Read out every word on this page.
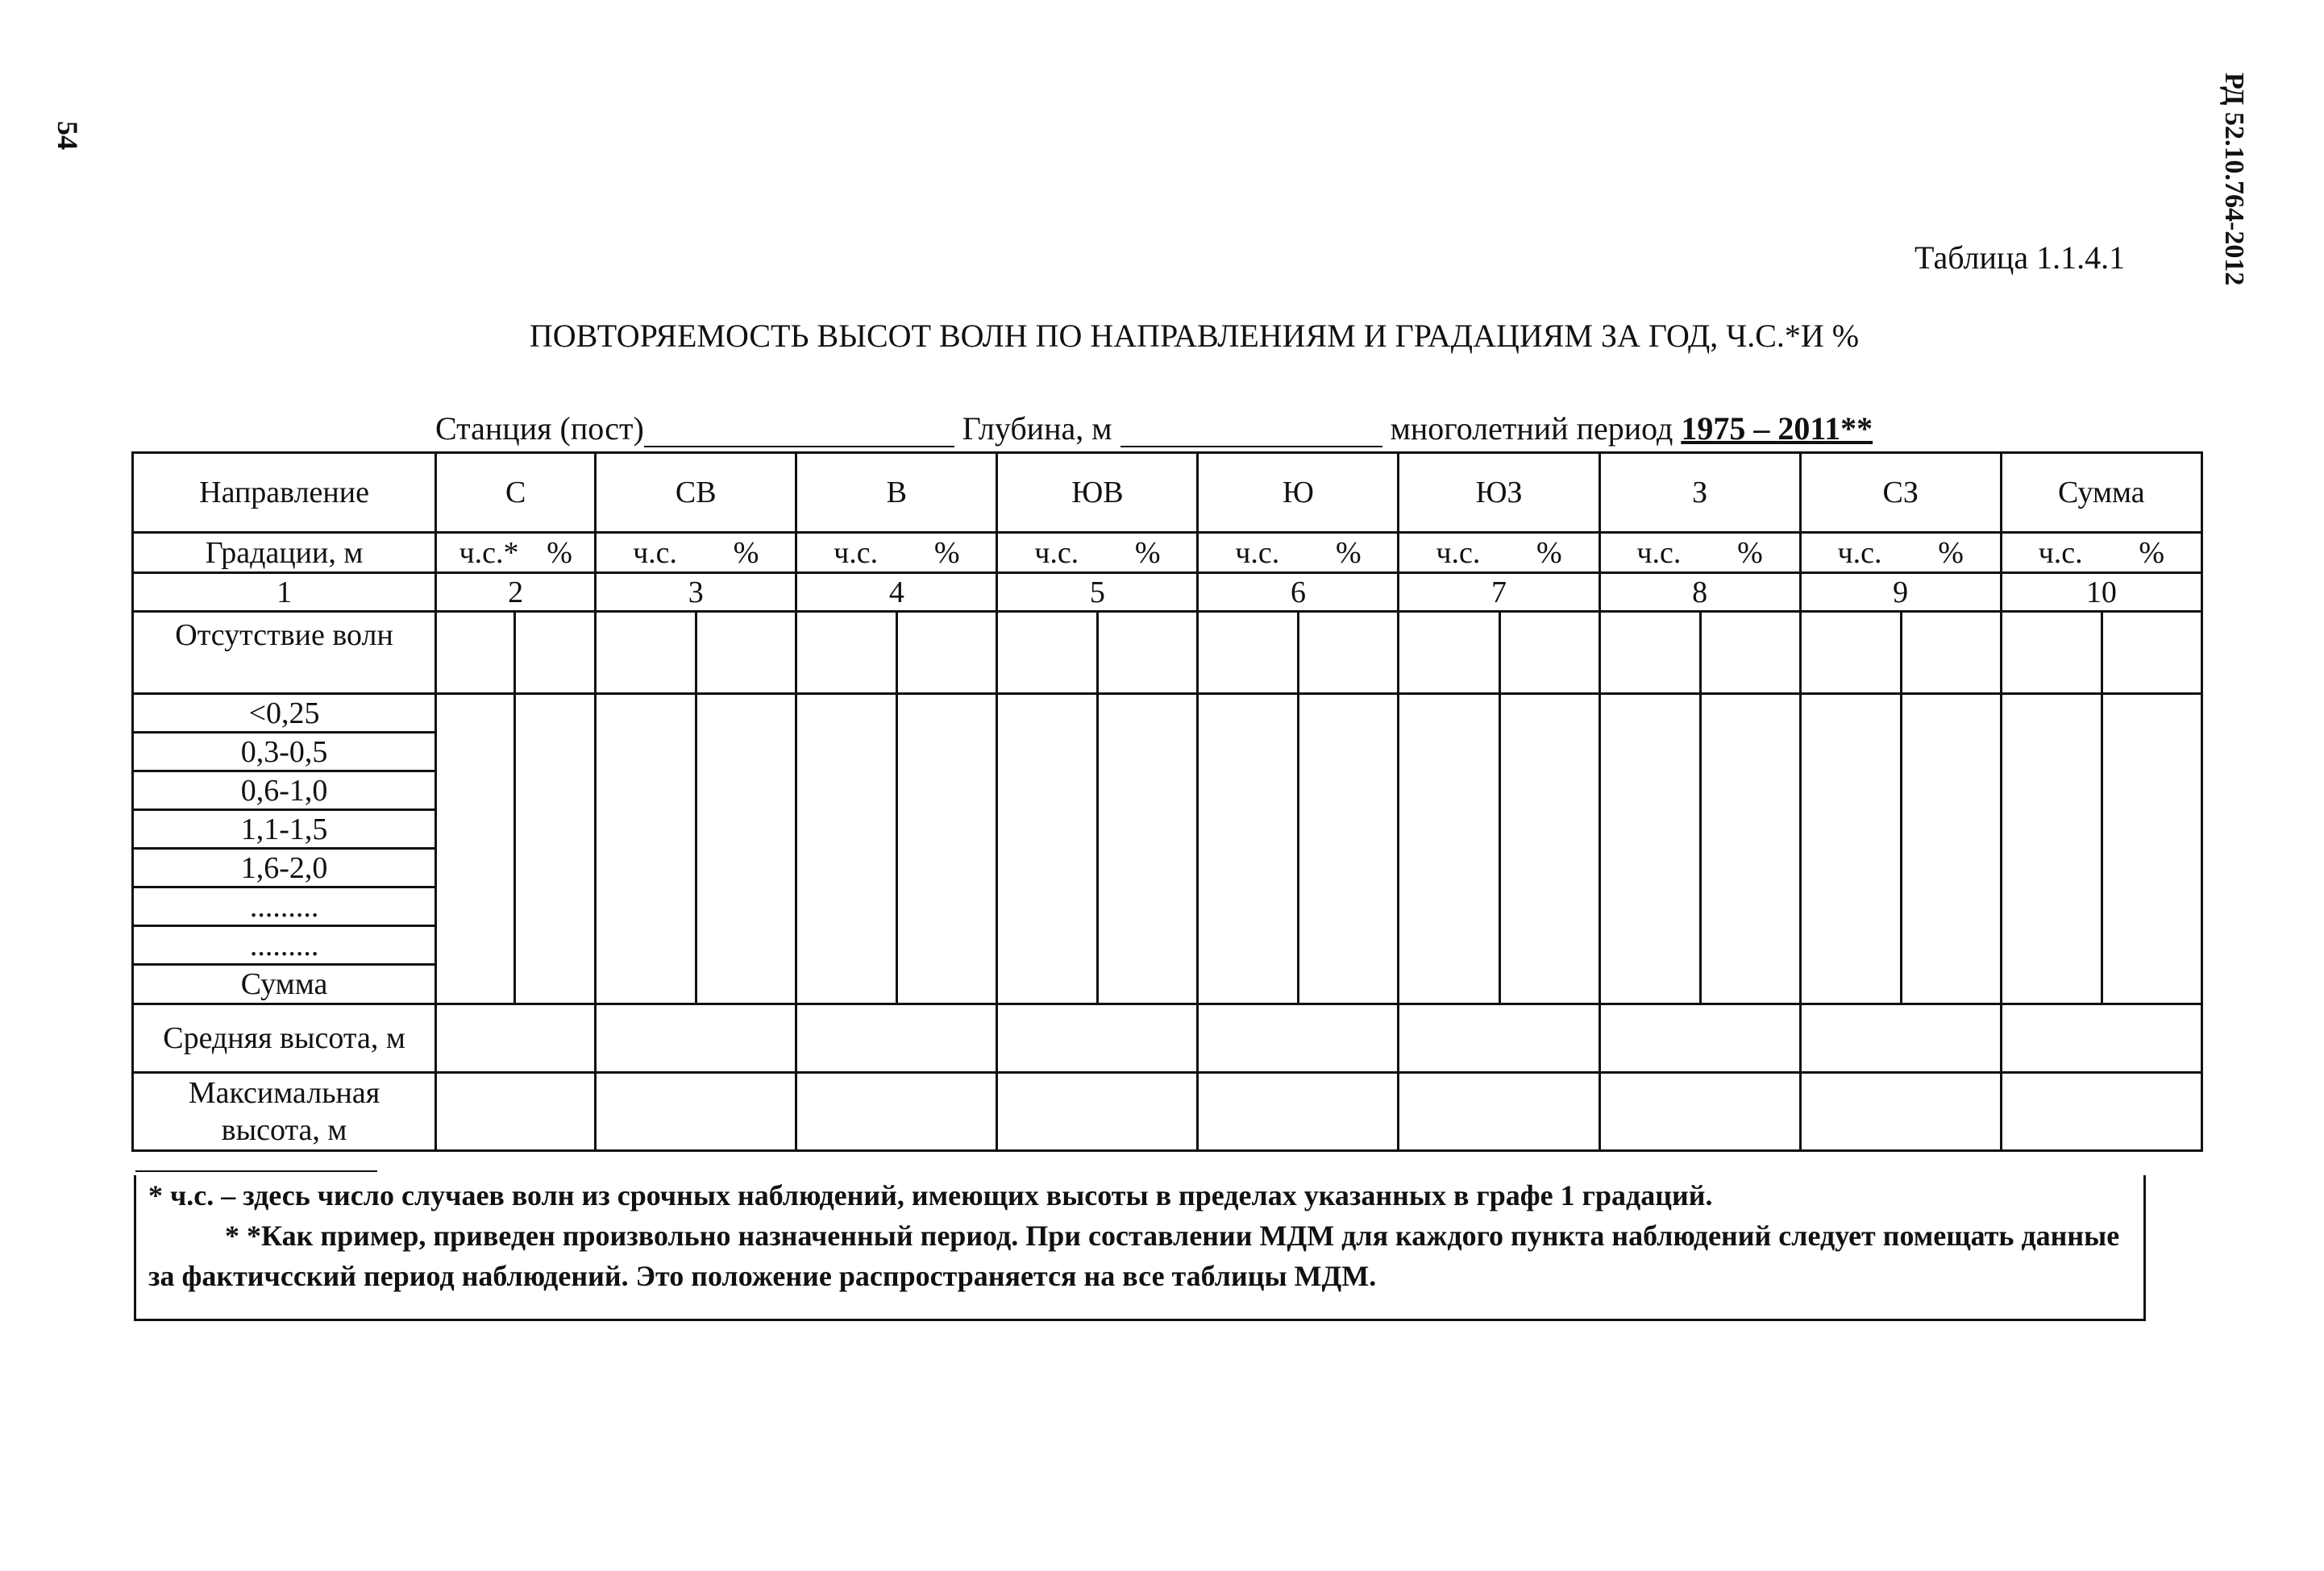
54	РД 52.10.764-2012
Таблица 1.1.4.1
ПОВТОРЯЕМОСТЬ ВЫСОТ ВОЛН ПО НАПРАВЛЕНИЯМ И ГРАДАЦИЯМ ЗА ГОД, Ч.С.*И %
Станция (пост)	Глубина, м	многолетний период 1975 – 2011**
Направление	С		СВ		В		ЮВ		Ю		ЮЗ		З		СЗ		Сумма	
Градации, м	ч.с.* %		ч.с. %		ч.с. %		ч.с. %		ч.с. %		ч.с. %		ч.с. %		ч.с. %		ч.с. %	

1	2		3		4		5		6		7		8		9		10	
Отсутствие волн																		
<0,25																		
0,3-0,5																		
0,6-1,0																		
1,1-1,5																		
1,6-2,0																		
.........																		
.........																		
Сумма																		
Средняя высота, м																		

Максимальная
высота, м																		

* ч.с. – здесь число случаев волн из срочных наблюдений, имеющих высоты в пределах указанных в графе 1 градаций.
* *Как пример, приведен произвольно назначенный период. При составлении МДМ для каждого пункта наблюдений следует помещать данные за фактичсский период наблюдений. Это положение распространяется на все таблицы МДМ.
